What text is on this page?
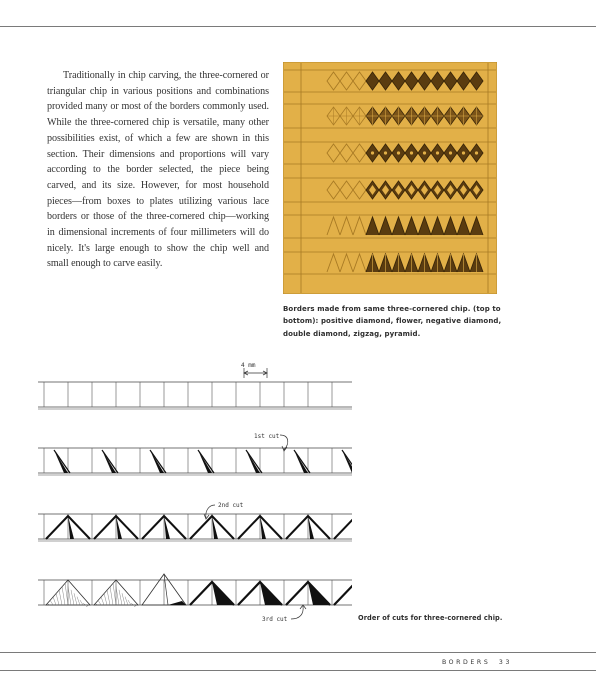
Traditionally in chip carving, the three-cornered or triangular chip in various positions and combinations provided many or most of the borders commonly used. While the three-cornered chip is versatile, many other possibilities exist, of which a few are shown in this section. Their dimensions and proportions will vary according to the border selected, the piece being carved, and its size. However, for most household pieces—from boxes to plates utilizing various lace borders or those of the three-cornered chip—working in dimensional increments of four millimeters will do nicely. It's large enough to show the chip well and small enough to carve easily.

Borders made from same three-cornered chip. (top to bottom): positive diamond, flower, negative diamond, double diamond, zigzag, pyramid.

4 mm
1st cut
2nd cut
3rd cut	Order of cuts for three-cornered chip.

BORDERS 33
